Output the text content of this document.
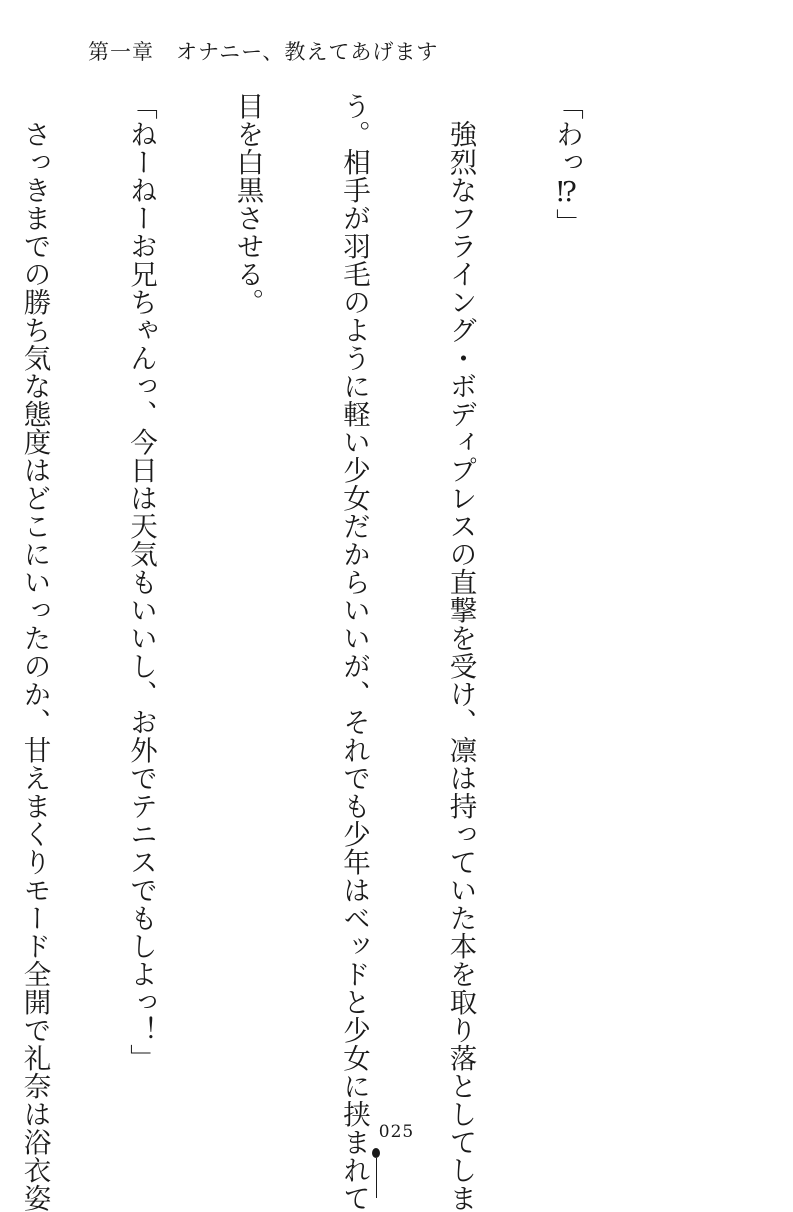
第一章 オナニー、教えてあげます

「わっ⁉」

　強烈なフライング・ボディプレスの直撃を受け、凛は持っていた本を取り落としてしま

う。相手が羽毛のように軽い少女だからいいが、それでも少年はベッドと少女に挟まれて

目を白黒させる。

「ねーねーお兄ちゃんっ、今日は天気もいいし、お外でテニスでもしよっ！」

　さっきまでの勝ち気な態度はどこにいったのか、甘えまくりモード全開で礼奈は浴衣姿

	025
